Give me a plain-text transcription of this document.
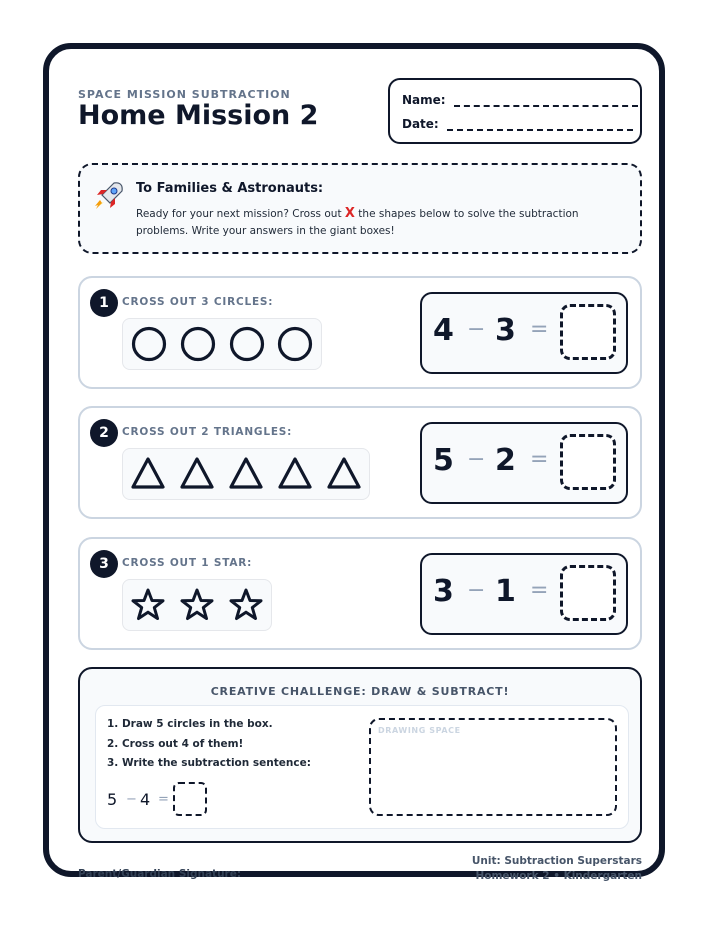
SPACE MISSION SUBTRACTION
Home Mission 2	Name:
Date:
To Families & Astronauts:
Ready for your next mission? Cross out X the shapes below to solve the subtraction problems. Write your answers in the giant boxes!
1	CROSS OUT 3 CIRCLES:
4 − 3 =
2	CROSS OUT 2 TRIANGLES:
5 − 2 =
3	CROSS OUT 1 STAR:
3 − 1 =
CREATIVE CHALLENGE: DRAW & SUBTRACT!
1. Draw 5 circles in the box.
2. Cross out 4 of them!
3. Write the subtraction sentence:
5 − 4 =
DRAWING SPACE
Parent/Guardian Signature:
Unit: Subtraction Superstars
Homework 2 • Kindergarten
